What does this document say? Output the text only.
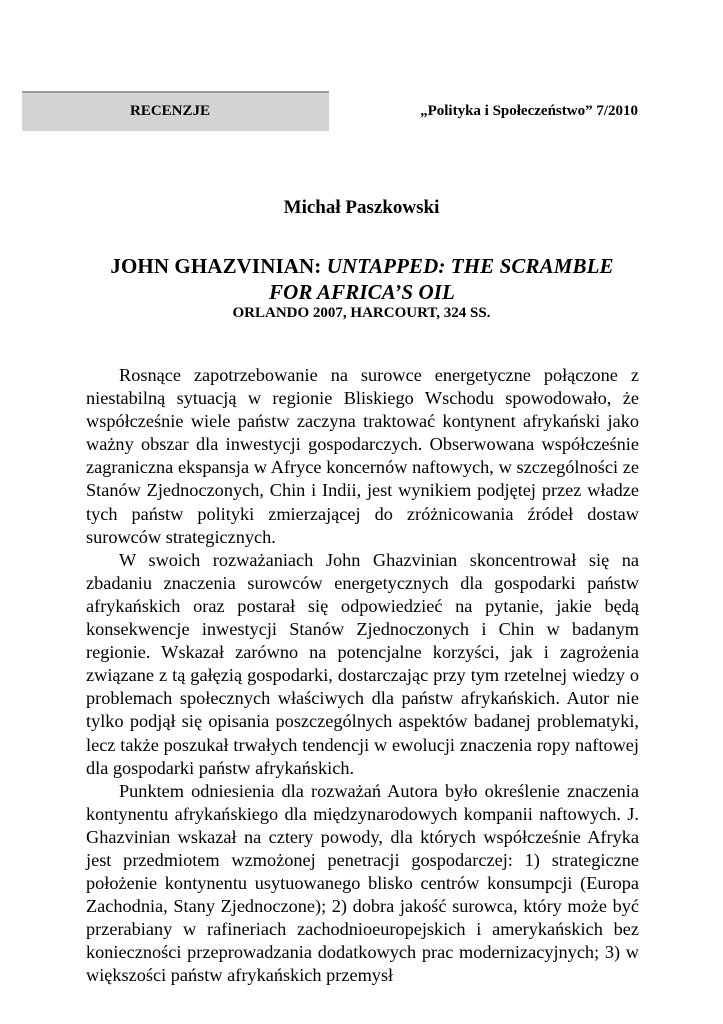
RECENZJE	„Polityka i Społeczeństwo” 7/2010
Michał Paszkowski
JOHN GHAZVINIAN: UNTAPPED: THE SCRAMBLE
FOR AFRICA’S OIL
ORLANDO 2007, HARCOURT, 324 SS.

Rosnące zapotrzebowanie na surowce energetyczne połączone z niestabilną sytuacją w regionie Bliskiego Wschodu spowodowało, że współcześnie wiele państw zaczyna traktować kontynent afrykański jako ważny obszar dla inwestycji gospodarczych. Obserwowana współcześnie zagraniczna ekspansja w Afryce koncernów naftowych, w szczególności ze Stanów Zjednoczonych, Chin i Indii, jest wynikiem podjętej przez władze tych państw polityki zmierzającej do zróżnicowania źródeł dostaw surowców strategicznych.

W swoich rozważaniach John Ghazvinian skoncentrował się na zbadaniu znaczenia surowców energetycznych dla gospodarki państw afrykańskich oraz postarał się odpowiedzieć na pytanie, jakie będą konsekwencje inwestycji Stanów Zjednoczonych i Chin w badanym regionie. Wskazał zarówno na potencjalne korzyści, jak i zagrożenia związane z tą gałęzią gospodarki, dostarczając przy tym rzetelnej wiedzy o problemach społecznych właściwych dla państw afrykańskich. Autor nie tylko podjął się opisania poszczególnych aspektów badanej problematyki, lecz także poszukał trwałych tendencji w ewolucji znaczenia ropy naftowej dla gospodarki państw afrykańskich.

Punktem odniesienia dla rozważań Autora było określenie znaczenia kontynentu afrykańskiego dla międzynarodowych kompanii naftowych. J. Ghazvinian wskazał na cztery powody, dla których współcześnie Afryka jest przedmiotem wzmożonej penetracji gospodarczej: 1) strategiczne położenie kontynentu usytuowanego blisko centrów konsumpcji (Europa Zachodnia, Stany Zjednoczone); 2) dobra jakość surowca, który może być przerabiany w rafineriach zachodnioeuropejskich i amerykańskich bez konieczności przeprowadzania dodatkowych prac modernizacyjnych; 3) w większości państw afrykańskich przemysł
